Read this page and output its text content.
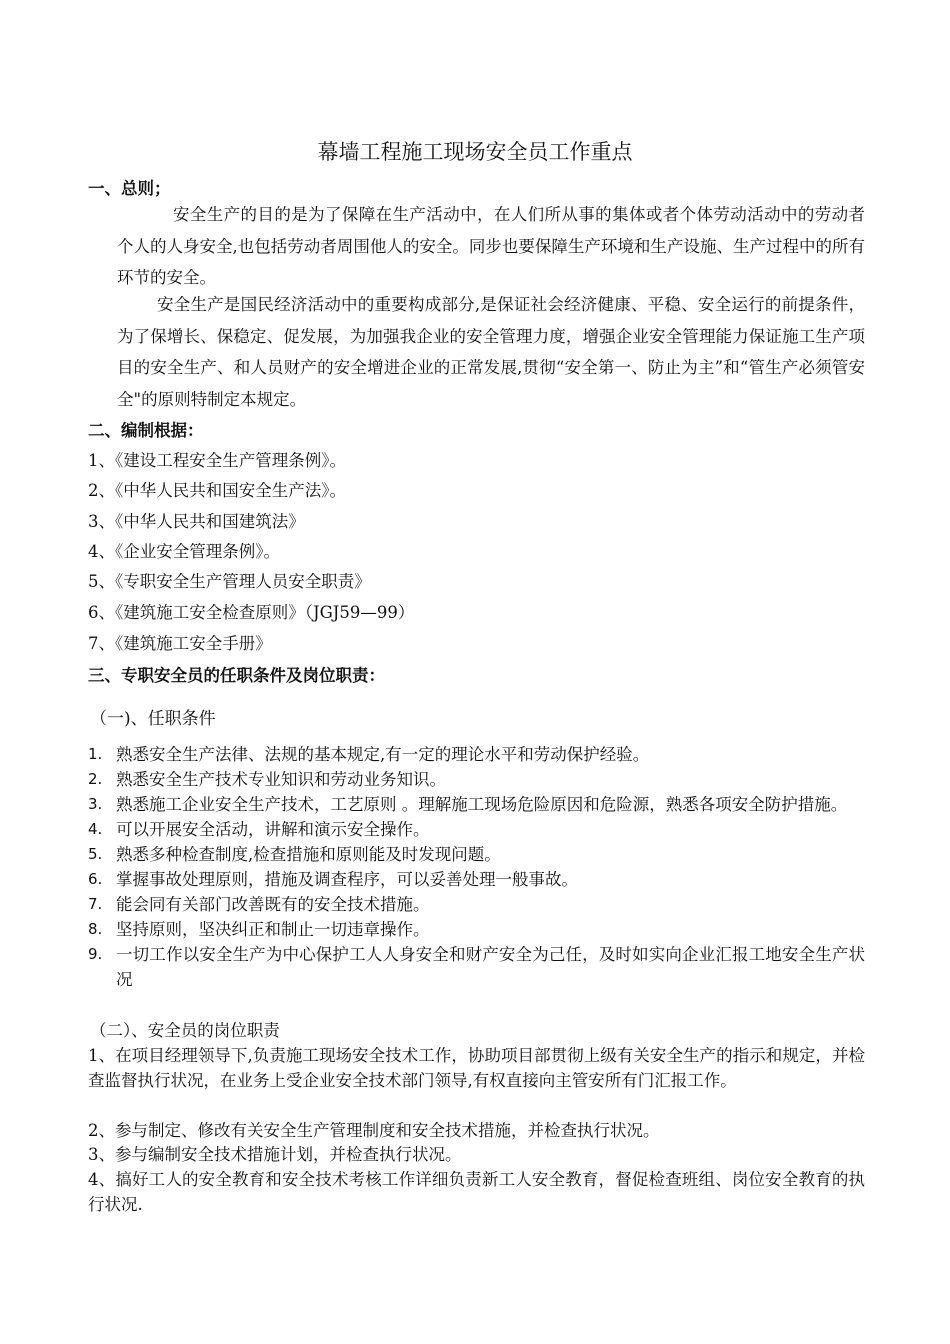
幕墙工程施工现场安全员工作重点
一、总则；
安全生产的目的是为了保障在生产活动中，在人们所从事的集体或者个体劳动活动中的劳动者个人的人身安全,也包括劳动者周围他人的安全。同步也要保障生产环境和生产设施、生产过程中的所有环节的安全。
安全生产是国民经济活动中的重要构成部分,是保证社会经济健康、平稳、安全运行的前提条件，为了保增长、保稳定、促发展，为加强我企业的安全管理力度，增强企业安全管理能力保证施工生产项目的安全生产、和人员财产的安全增进企业的正常发展,贯彻“安全第一、防止为主”和“管生产必须管安全"的原则特制定本规定。
二、编制根据：
1、《建设工程安全生产管理条例》。
2、《中华人民共和国安全生产法》。
3、《中华人民共和国建筑法》
4、《企业安全管理条例》。
5、《专职安全生产管理人员安全职责》
6、《建筑施工安全检查原则》（JGJ59—99）
7、《建筑施工安全手册》
三、专职安全员的任职条件及岗位职责：
（一)、任职条件
1. 熟悉安全生产法律、法规的基本规定,有一定的理论水平和劳动保护经验。
2. 熟悉安全生产技术专业知识和劳动业务知识。
3. 熟悉施工企业安全生产技术，工艺原则 。理解施工现场危险原因和危险源，熟悉各项安全防护措施。
4. 可以开展安全活动，讲解和演示安全操作。
5. 熟悉多种检查制度,检查措施和原则能及时发现问题。
6. 掌握事故处理原则，措施及调查程序，可以妥善处理一般事故。
7. 能会同有关部门改善既有的安全技术措施。
8. 坚持原则，坚决纠正和制止一切违章操作。
9. 一切工作以安全生产为中心保护工人人身安全和财产安全为己任，及时如实向企业汇报工地安全生产状况
（二）、安全员的岗位职责
1、在项目经理领导下,负责施工现场安全技术工作，协助项目部贯彻上级有关安全生产的指示和规定，并检查监督执行状况，在业务上受企业安全技术部门领导,有权直接向主管安所有门汇报工作。
2、参与制定、修改有关安全生产管理制度和安全技术措施，并检查执行状况。
3、参与编制安全技术措施计划，并检查执行状况。
4、搞好工人的安全教育和安全技术考核工作详细负责新工人安全教育，督促检查班组、岗位安全教育的执行状况.
